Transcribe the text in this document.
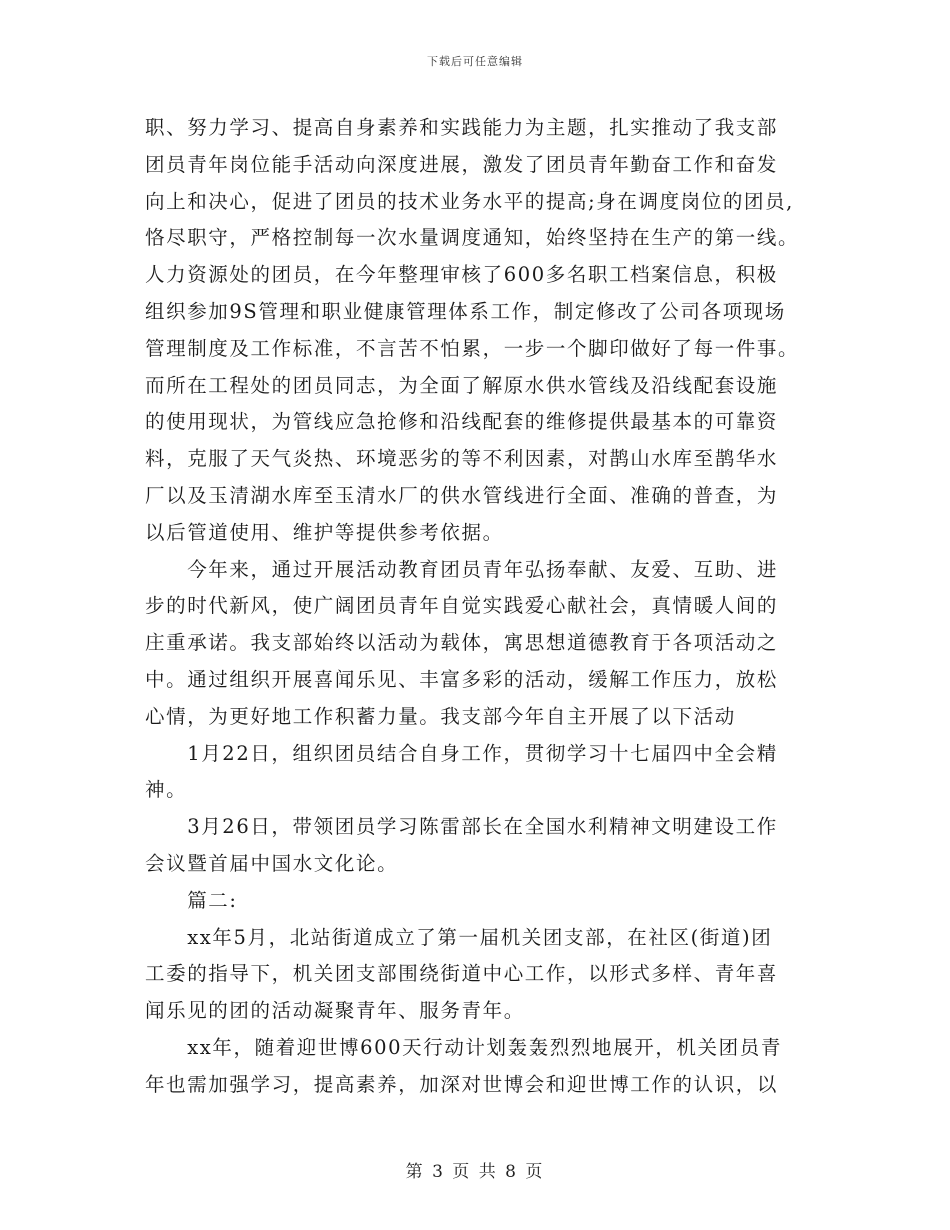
下载后可任意编辑
职、努力学习、提高自身素养和实践能力为主题，扎实推动了我支部
团员青年岗位能手活动向深度进展，激发了团员青年勤奋工作和奋发
向上和决心，促进了团员的技术业务水平的提高;身在调度岗位的团员,
恪尽职守，严格控制每一次水量调度通知，始终坚持在生产的第一线。
人力资源处的团员，在今年整理审核了600多名职工档案信息，积极
组织参加9S管理和职业健康管理体系工作，制定修改了公司各项现场
管理制度及工作标准，不言苦不怕累，一步一个脚印做好了每一件事。
而所在工程处的团员同志，为全面了解原水供水管线及沿线配套设施
的使用现状，为管线应急抢修和沿线配套的维修提供最基本的可靠资
料，克服了天气炎热、环境恶劣的等不利因素，对鹊山水库至鹊华水
厂以及玉清湖水库至玉清水厂的供水管线进行全面、准确的普查，为
以后管道使用、维护等提供参考依据。
　　今年来，通过开展活动教育团员青年弘扬奉献、友爱、互助、进
步的时代新风，使广阔团员青年自觉实践爱心献社会，真情暖人间的
庄重承诺。我支部始终以活动为载体，寓思想道德教育于各项活动之
中。通过组织开展喜闻乐见、丰富多彩的活动，缓解工作压力，放松
心情，为更好地工作积蓄力量。我支部今年自主开展了以下活动
　　1月22日，组织团员结合自身工作，贯彻学习十七届四中全会精
神。
　　3月26日，带领团员学习陈雷部长在全国水利精神文明建设工作
会议暨首届中国水文化论。
　　篇二:
　　xx年5月，北站街道成立了第一届机关团支部，在社区(街道)团
工委的指导下，机关团支部围绕街道中心工作，以形式多样、青年喜
闻乐见的团的活动凝聚青年、服务青年。
　　xx年，随着迎世博600天行动计划轰轰烈烈地展开，机关团员青
年也需加强学习，提高素养，加深对世博会和迎世博工作的认识，以
第 3 页 共 8 页
